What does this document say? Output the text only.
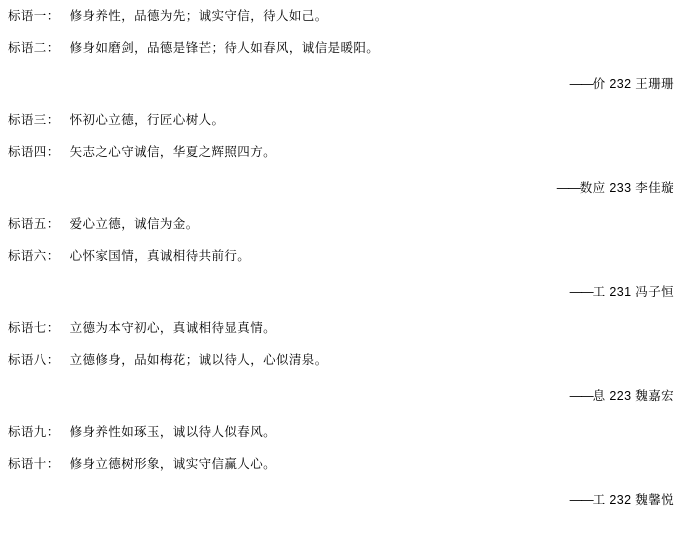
标语一： 修身养性，品德为先；诚实守信，待人如己。

标语二： 修身如磨剑，品德是锋芒；待人如春风，诚信是暖阳。

——价 232 王珊珊

标语三： 怀初心立德，行匠心树人。

标语四： 矢志之心守诚信，华夏之辉照四方。

——数应 233 李佳璇

标语五： 爱心立德，诚信为金。

标语六： 心怀家国情，真诚相待共前行。

——工 231 冯子恒

标语七： 立德为本守初心，真诚相待显真情。

标语八： 立德修身，品如梅花；诚以待人，心似清泉。

——息 223 魏嘉宏

标语九： 修身养性如琢玉，诚以待人似春风。

标语十： 修身立德树形象，诚实守信赢人心。

——工 232 魏馨悦
